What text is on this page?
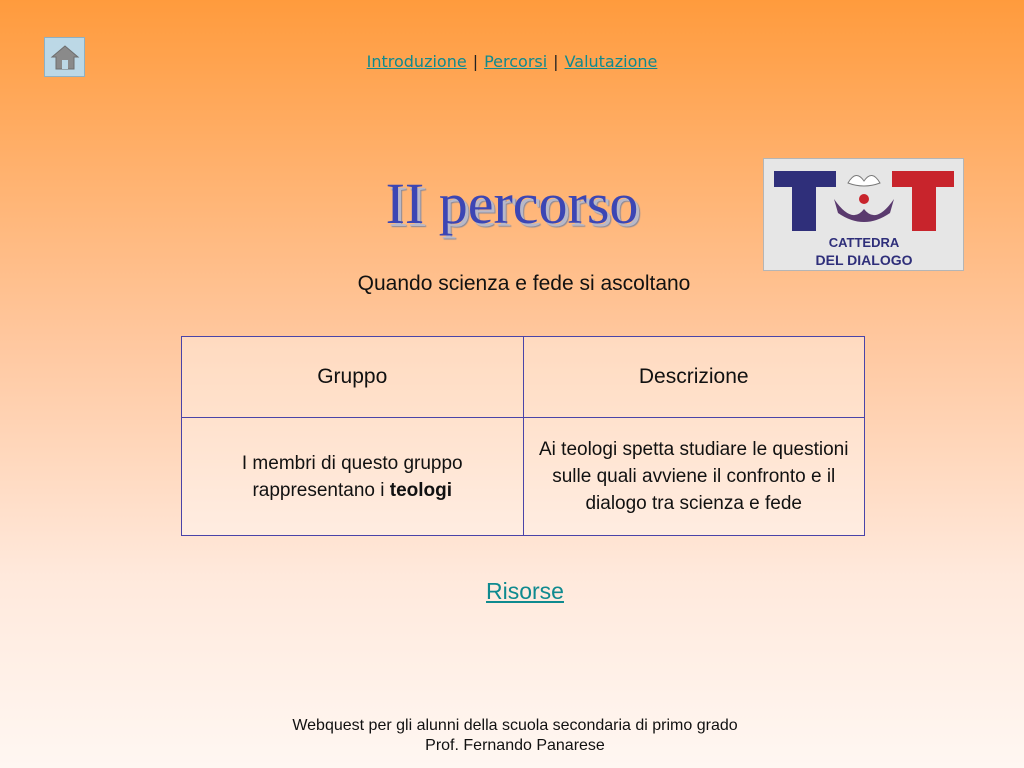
Introduzione | Percorsi | Valutazione
CATTEDRA
DEL DIALOGO
II percorso
Quando scienza e fede si ascoltano
Gruppo	Descrizione
I membri di questo gruppo rappresentano i teologi	Ai teologi spetta studiare le questioni sulle quali avviene il confronto e il dialogo tra scienza e fede
Risorse
Webquest per gli alunni della scuola secondaria di primo grado
Prof. Fernando Panarese
